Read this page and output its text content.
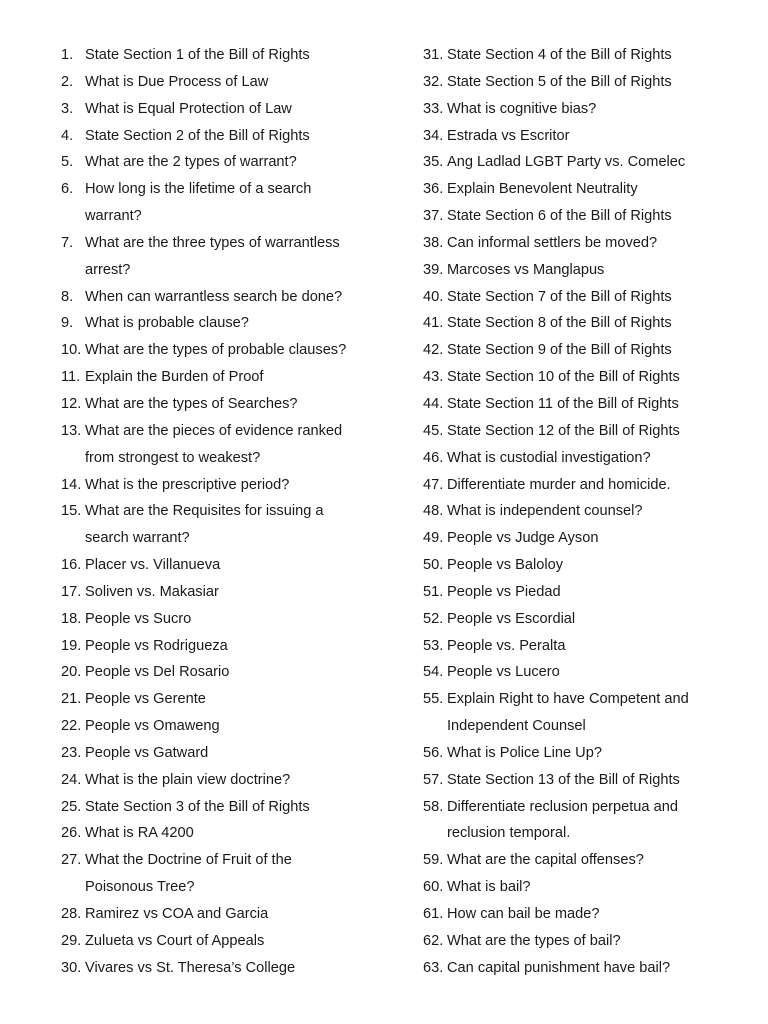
1. State Section 1 of the Bill of Rights
2. What is Due Process of Law
3. What is Equal Protection of Law
4. State Section 2 of the Bill of Rights
5. What are the 2 types of warrant?
6. How long is the lifetime of a search warrant?
7. What are the three types of warrantless arrest?
8. When can warrantless search be done?
9. What is probable clause?
10. What are the types of probable clauses?
11. Explain the Burden of Proof
12. What are the types of Searches?
13. What are the pieces of evidence ranked from strongest to weakest?
14. What is the prescriptive period?
15. What are the Requisites for issuing a search warrant?
16. Placer vs. Villanueva
17. Soliven vs. Makasiar
18. People vs Sucro
19. People vs Rodrigueza
20. People vs Del Rosario
21. People vs Gerente
22. People vs Omaweng
23. People vs Gatward
24. What is the plain view doctrine?
25. State Section 3 of the Bill of Rights
26. What is RA 4200
27. What the Doctrine of Fruit of the Poisonous Tree?
28. Ramirez vs COA and Garcia
29. Zulueta vs Court of Appeals
30. Vivares vs St. Theresa’s College
31. State Section 4 of the Bill of Rights
32. State Section 5 of the Bill of Rights
33. What is cognitive bias?
34. Estrada vs Escritor
35. Ang Ladlad LGBT Party vs. Comelec
36. Explain Benevolent Neutrality
37. State Section 6 of the Bill of Rights
38. Can informal settlers be moved?
39. Marcoses vs Manglapus
40. State Section 7 of the Bill of Rights
41. State Section 8 of the Bill of Rights
42. State Section 9 of the Bill of Rights
43. State Section 10 of the Bill of Rights
44. State Section 11 of the Bill of Rights
45. State Section 12 of the Bill of Rights
46. What is custodial investigation?
47. Differentiate murder and homicide.
48. What is independent counsel?
49. People vs Judge Ayson
50. People vs Baloloy
51. People vs Piedad
52. People vs Escordial
53. People vs. Peralta
54. People vs Lucero
55. Explain Right to have Competent and Independent Counsel
56. What is Police Line Up?
57. State Section 13 of the Bill of Rights
58. Differentiate reclusion perpetua and reclusion temporal.
59. What are the capital offenses?
60. What is bail?
61. How can bail be made?
62. What are the types of bail?
63. Can capital punishment have bail?
